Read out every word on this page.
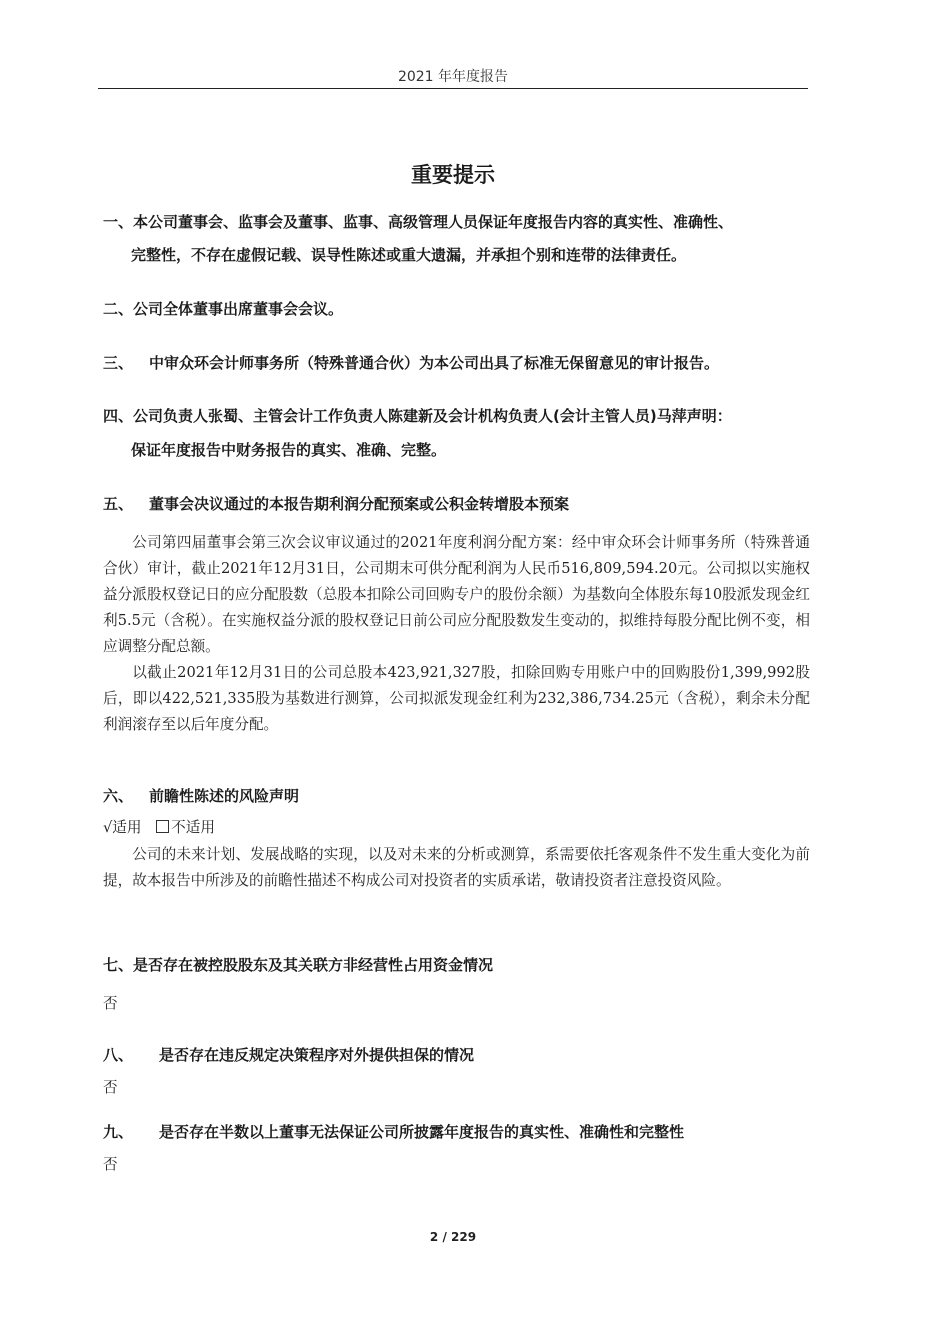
2021 年年度报告
重要提示
一、本公司董事会、监事会及董事、监事、高级管理人员保证年度报告内容的真实性、准确性、
完整性，不存在虚假记载、误导性陈述或重大遗漏，并承担个别和连带的法律责任。
二、公司全体董事出席董事会会议。
三、 中审众环会计师事务所（特殊普通合伙）为本公司出具了标准无保留意见的审计报告。
四、公司负责人张蜀、主管会计工作负责人陈建新及会计机构负责人(会计主管人员)马萍声明：
保证年度报告中财务报告的真实、准确、完整。
五、 董事会决议通过的本报告期利润分配预案或公积金转增股本预案

公司第四届董事会第三次会议审议通过的2021年度利润分配方案：经中审众环会计师事务所（特殊普通合伙）审计，截止2021年12月31日，公司期末可供分配利润为人民币516,809,594.20元。公司拟以实施权益分派股权登记日的应分配股数（总股本扣除公司回购专户的股份余额）为基数向全体股东每10股派发现金红利5.5元（含税）。在实施权益分派的股权登记日前公司应分配股数发生变动的，拟维持每股分配比例不变，相应调整分配总额。

以截止2021年12月31日的公司总股本423,921,327股，扣除回购专用账户中的回购股份1,399,992股后，即以422,521,335股为基数进行测算，公司拟派发现金红利为232,386,734.25元（含税），剩余未分配利润滚存至以后年度分配。

六、 前瞻性陈述的风险声明
√适用 不适用

公司的未来计划、发展战略的实现，以及对未来的分析或测算，系需要依托客观条件不发生重大变化为前提，故本报告中所涉及的前瞻性描述不构成公司对投资者的实质承诺，敬请投资者注意投资风险。

七、是否存在被控股股东及其关联方非经营性占用资金情况
否
八、 是否存在违反规定决策程序对外提供担保的情况
否
九、 是否存在半数以上董事无法保证公司所披露年度报告的真实性、准确性和完整性
否
2 / 229
